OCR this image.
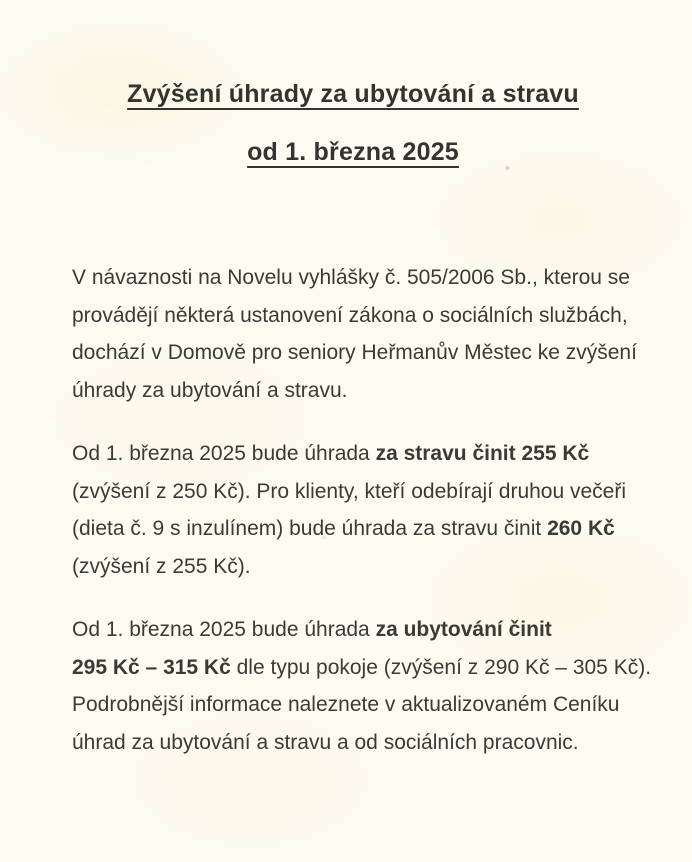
Zvýšení úhrady za ubytování a stravu
od 1. března 2025

V návaznosti na Novelu vyhlášky č. 505/2006 Sb., kterou se
provádějí některá ustanovení zákona o sociálních službách,
dochází v Domově pro seniory Heřmanův Městec ke zvýšení
úhrady za ubytování a stravu.

Od 1. března 2025 bude úhrada za stravu činit 255 Kč
(zvýšení z 250 Kč). Pro klienty, kteří odebírají druhou večeři
(dieta č. 9 s inzulínem) bude úhrada za stravu činit 260 Kč
(zvýšení z 255 Kč).

Od 1. března 2025 bude úhrada za ubytování činit
295 Kč – 315 Kč dle typu pokoje (zvýšení z 290 Kč – 305 Kč).
Podrobnější informace naleznete v aktualizovaném Ceníku
úhrad za ubytování a stravu a od sociálních pracovnic.
